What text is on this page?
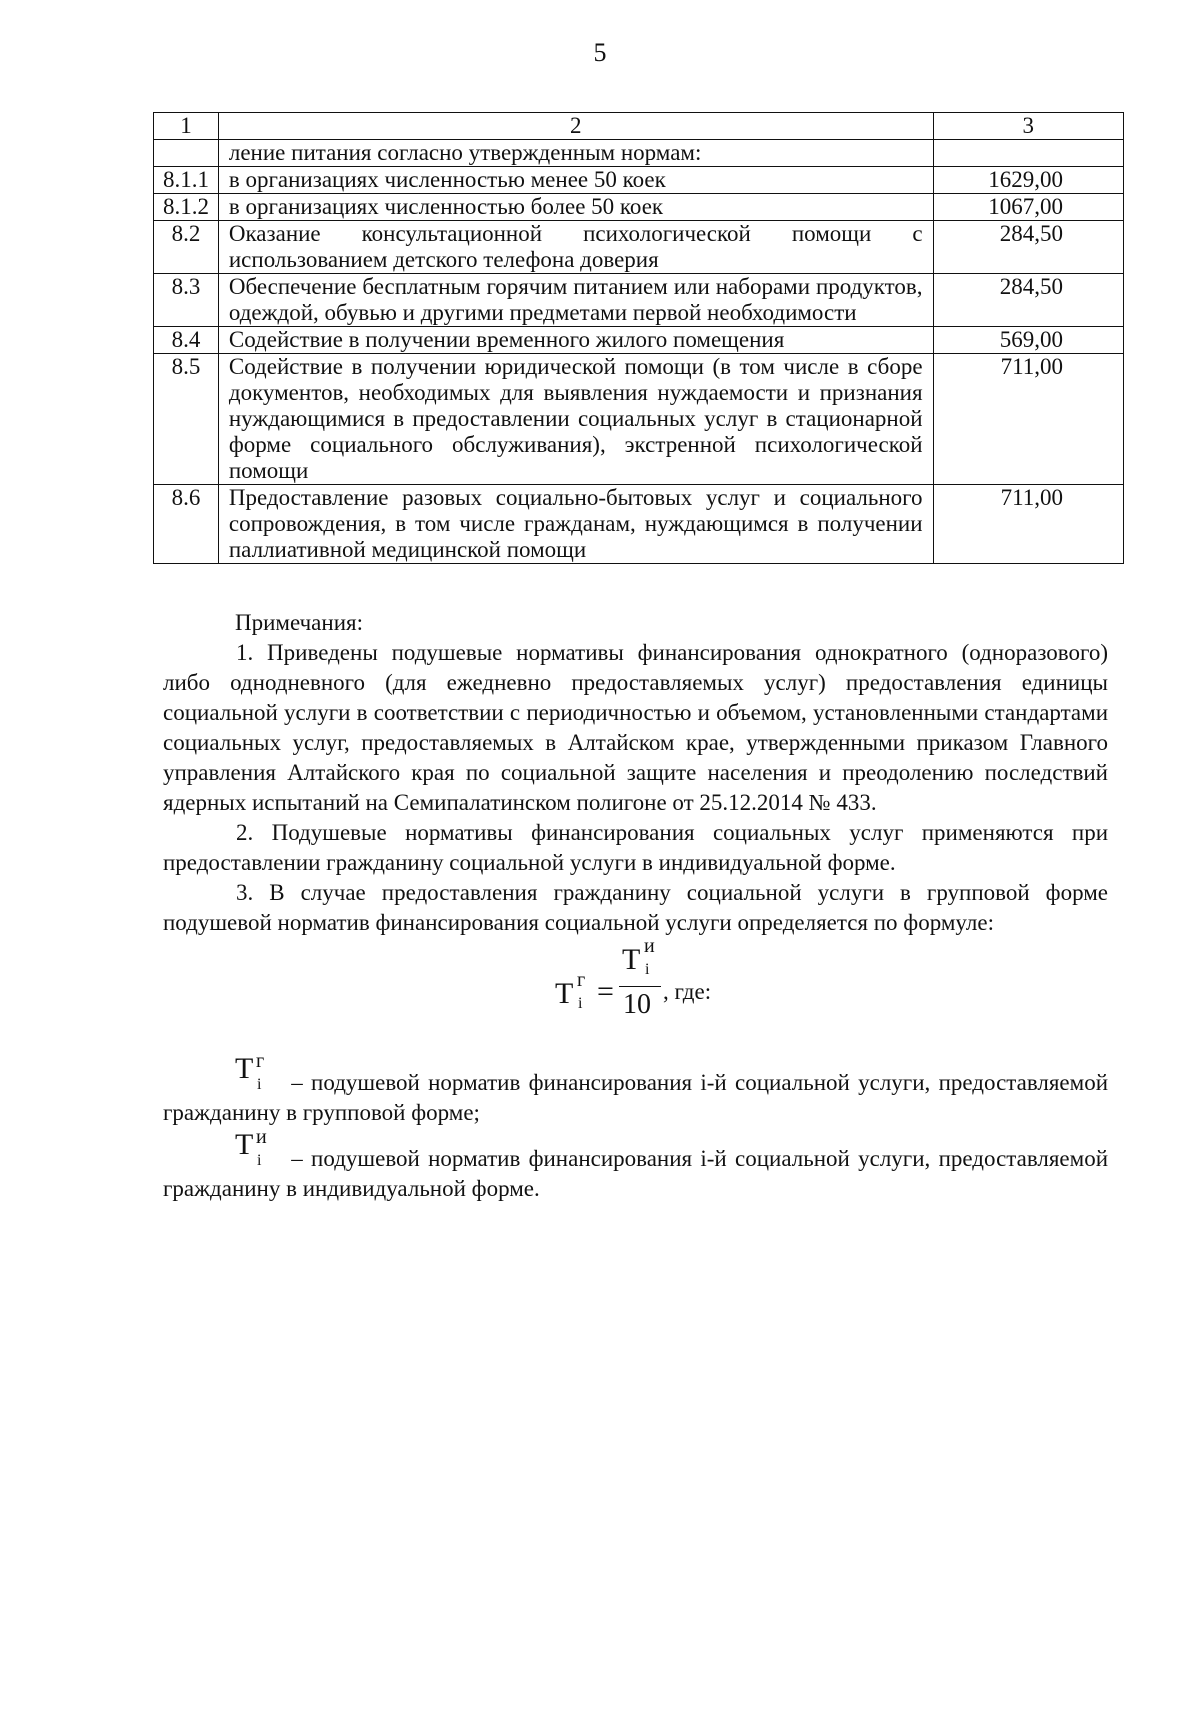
5
1	2	3
	ление питания согласно утвержденным нормам:	
8.1.1	в организациях численностью менее 50 коек	1629,00
8.1.2	в организациях численностью более 50 коек	1067,00
8.2	Оказание консультационной психологической помощи с использованием детского телефона доверия	284,50
8.3	Обеспечение бесплатным горячим питанием или наборами продуктов, одеждой, обувью и другими предметами первой необходимости	284,50
8.4	Содействие в получении временного жилого помещения	569,00
8.5	Содействие в получении юридической помощи (в том числе в сборе документов, необходимых для выявления нуждаемости и признания нуждающимися в предоставлении социальных услуг в стационарной форме социального обслуживания), экстренной психологической помощи	711,00
8.6	Предоставление разовых социально-бытовых услуг и социального сопровождения, в том числе гражданам, нуждающимся в получении паллиативной медицинской помощи	711,00

Примечания:

1. Приведены подушевые нормативы финансирования однократного (одноразового) либо однодневного (для ежедневно предоставляемых услуг) предоставления единицы социальной услуги в соответствии с периодичностью и объемом, установленными стандартами социальных услуг, предоставляемых в Алтайском крае, утвержденными приказом Главного управления Алтайского края по социальной защите населения и преодолению последствий ядерных испытаний на Семипалатинском полигоне от 25.12.2014 № 433.

2. Подушевые нормативы финансирования социальных услуг применяются при предоставлении гражданину социальной услуги в индивидуальной форме.

3. В случае предоставления гражданину социальной услуги в групповой форме подушевой норматив финансирования социальной услуги определяется по формуле:

Т г
i =
Т и
i
10 , где:

Т г
i – подушевой норматив финансирования i-й социальной услуги, предоставляемой гражданину в групповой форме;

Т и
i – подушевой норматив финансирования i-й социальной услуги, предоставляемой гражданину в индивидуальной форме.
